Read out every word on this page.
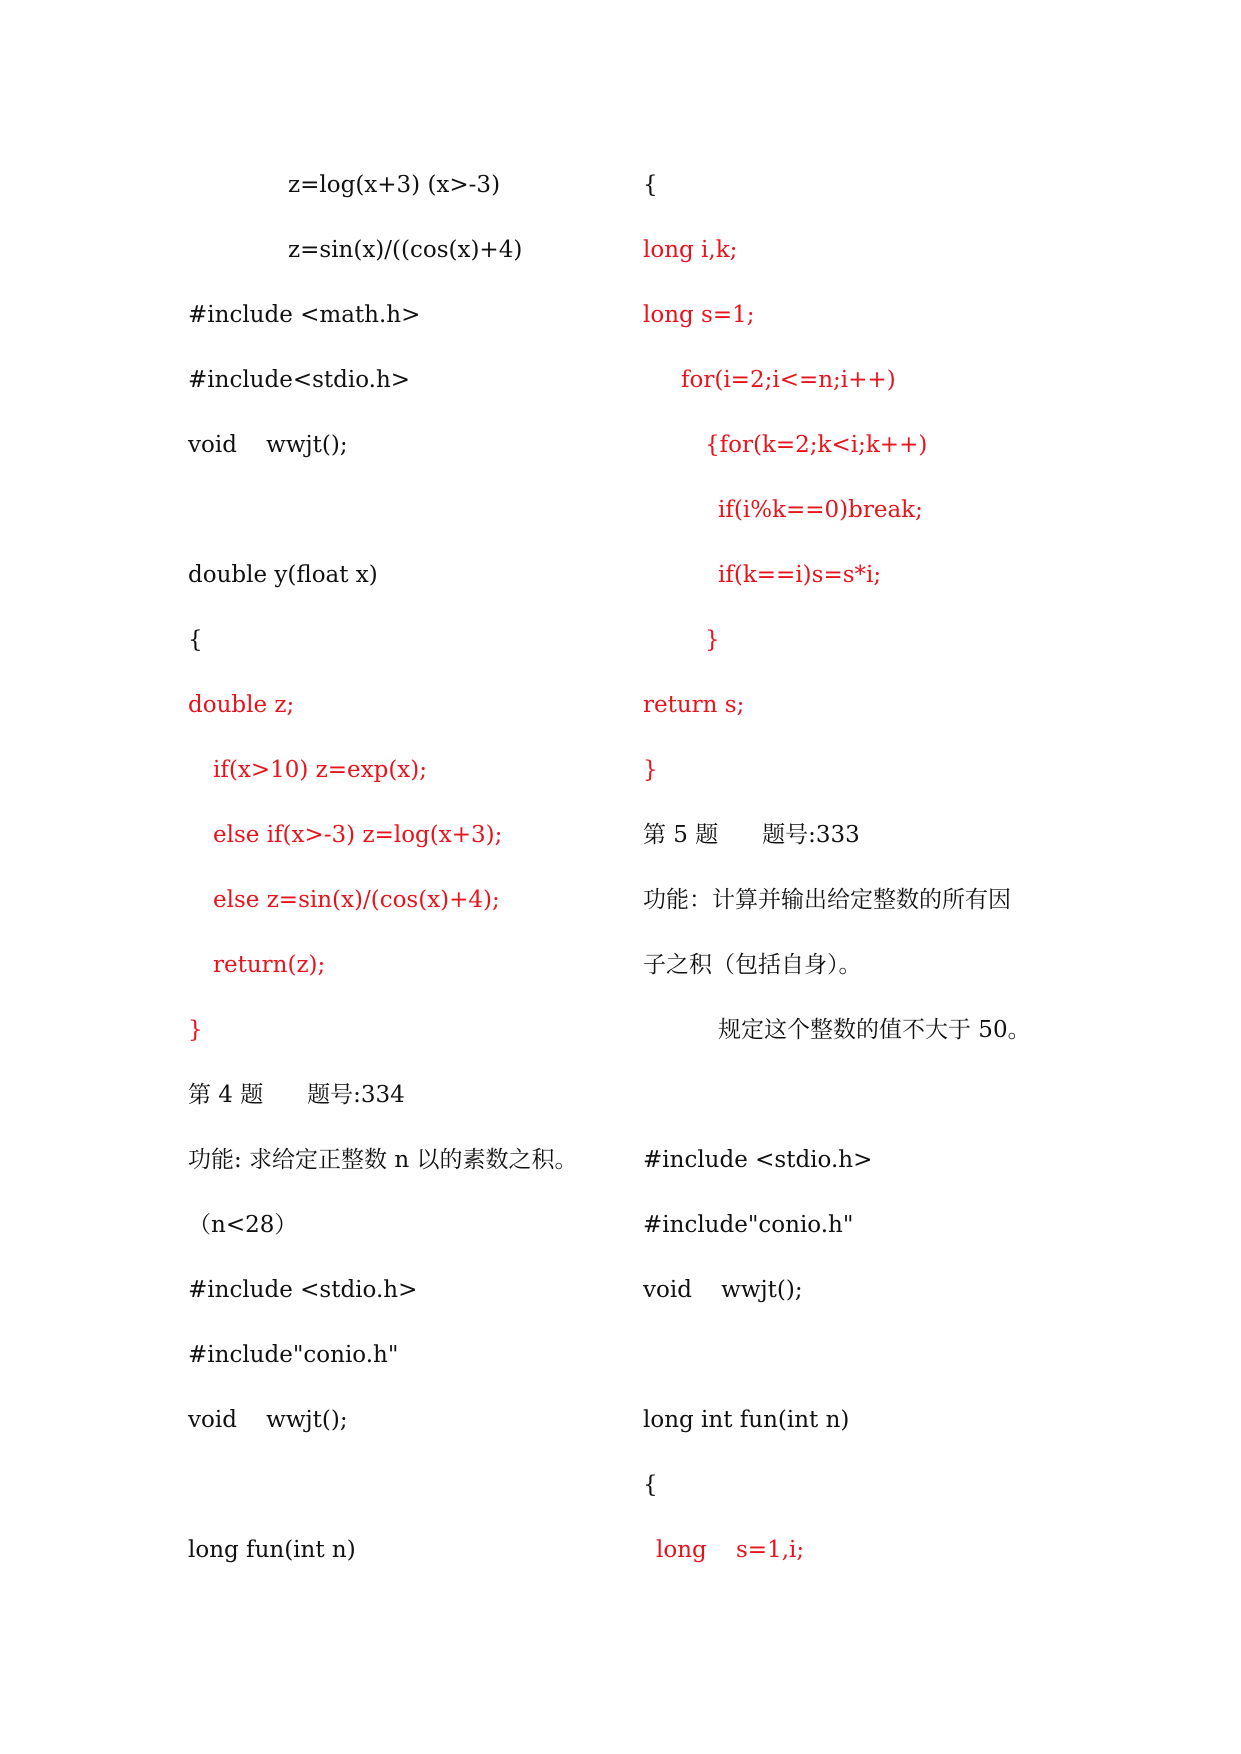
z=log(x+3) (x>-3)
z=sin(x)/((cos(x)+4)
#include <math.h>
#include<stdio.h>
void    wwjt();
double y(float x)
{
double z;
if(x>10) z=exp(x);
else if(x>-3) z=log(x+3);
else z=sin(x)/(cos(x)+4);
return(z);
}
第 4 题      题号:334
功能: 求给定正整数 n 以的素数之积。
（n<28）
#include <stdio.h>
#include"conio.h"
void    wwjt();
long fun(int n)
{
long i,k;
long s=1;
for(i=2;i<=n;i++)
{for(k=2;k<i;k++)
if(i%k==0)break;
if(k==i)s=s*i;
}
return s;
}
第 5 题      题号:333
功能：计算并输出给定整数的所有因
子之积（包括自身）。
规定这个整数的值不大于 50。
#include <stdio.h>
#include"conio.h"
void    wwjt();
long int fun(int n)
{
long    s=1,i;
